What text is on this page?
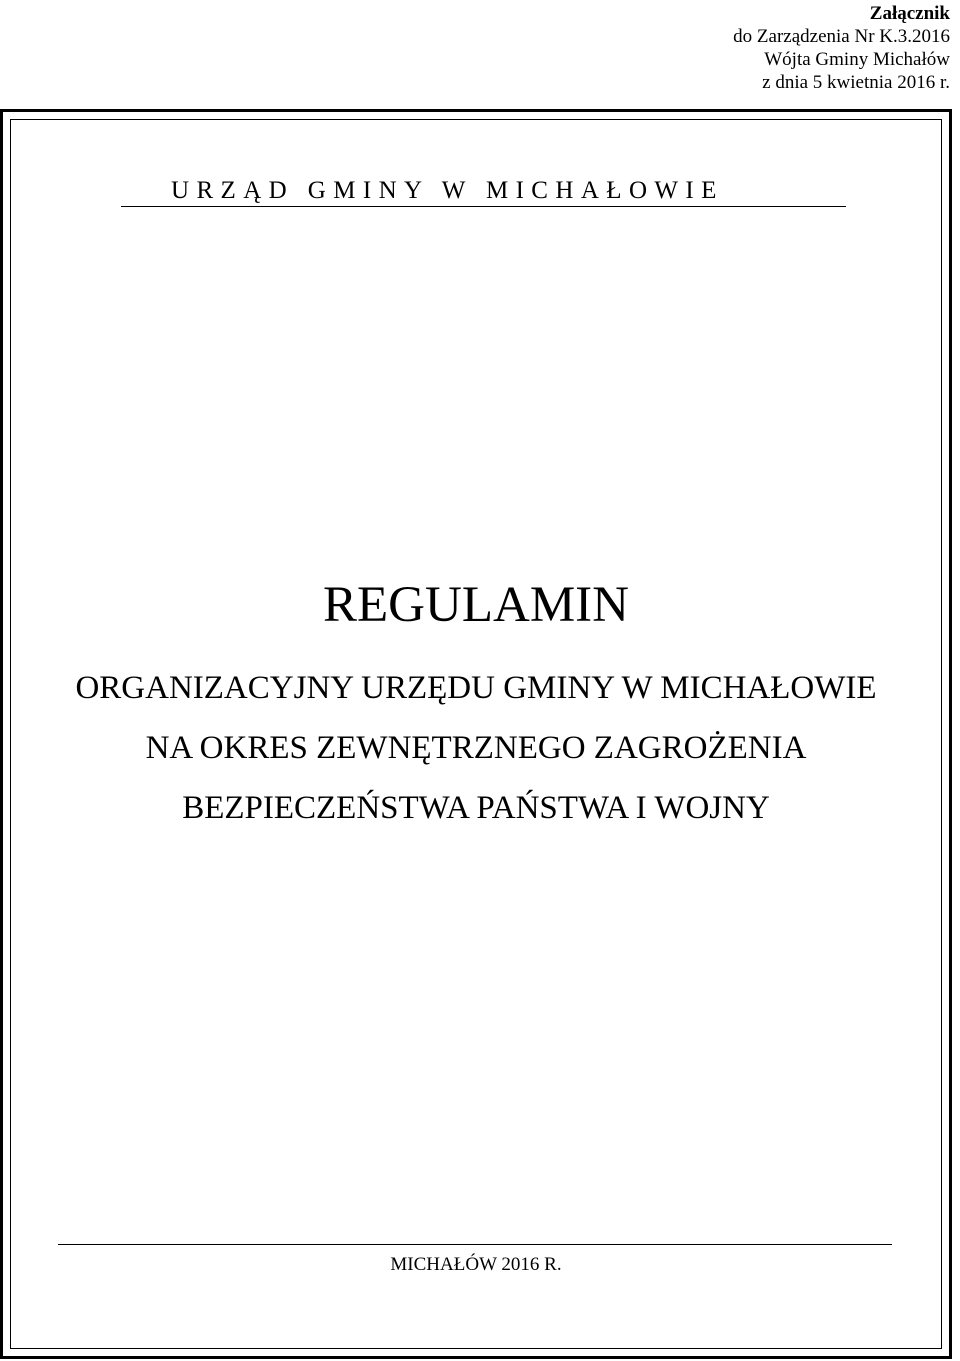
Załącznik
do Zarządzenia Nr K.3.2016
Wójta Gminy Michałów
z dnia 5 kwietnia 2016 r.
URZĄD GMINY W MICHAŁOWIE
REGULAMIN
ORGANIZACYJNY URZĘDU GMINY W MICHAŁOWIE
NA OKRES ZEWNĘTRZNEGO ZAGROŻENIA
BEZPIECZEŃSTWA PAŃSTWA I WOJNY
MICHAŁÓW 2016 R.
